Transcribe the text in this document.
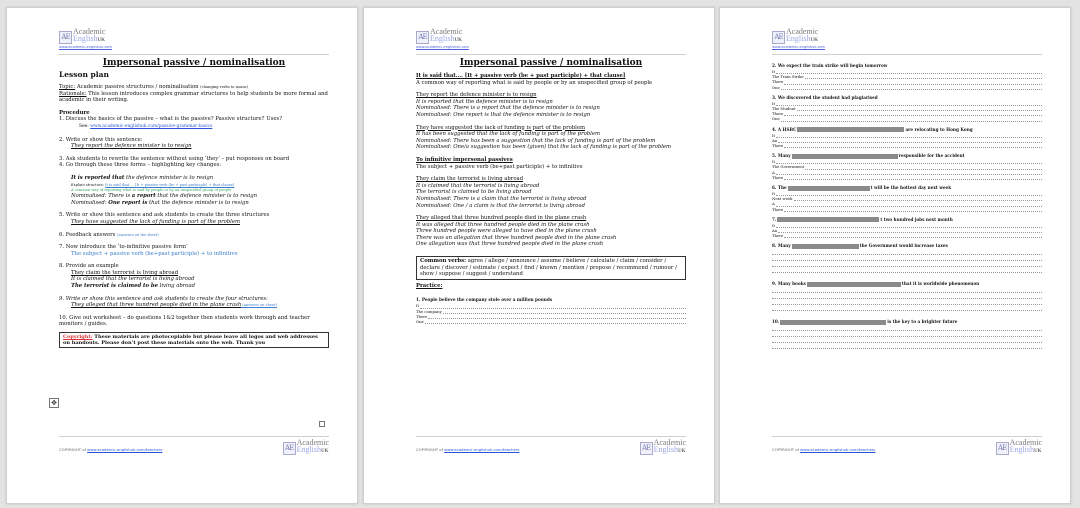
AE
Academic
EnglishUK
www.academic-englishuk.com
Impersonal passive / nominalisation
Lesson plan
Topic: Academic passive structures / nominalisation (changing verbs to nouns)
Rationale: This lesson introduces complex grammar structures to help students be more formal and academic in their writing.
Procedure
1. Discuss the basics of the passive – what is the passive? Passive structure? Uses?
See: www.academic-englishuk.com/passive-grammar-basics
2. Write or show this sentence:
They report the defence minister is to resign
3. Ask students to rewrite the sentence without using ‘they’ – put responses on board
4. Go through these three forms – highlighting key changes:
It is reported that the defence minister is to resign
Explain structure: It is said that…. [It + passive verb (be + past participle) + that clause]
A common way of reporting what is said by people or by an unspecified group of people
Nominalised: There is a report that the defence minister is to resign
Nominalised: One report is that the defence minister is to resign
5. Write or show this sentence and ask students to create the three structures
They have suggested the lack of funding is part of the problem
6. Feedback answers (answers on the sheet)
7. Now introduce the ‘to-infinitive passive form’
The subject + passive verb (be+past participle) + to infinitive
8. Provide an example
They claim the terrorist is living abroad
It is claimed that the terrorist is living abroad
The terrorist is claimed to be living abroad
9. Write or show this sentence and ask students to create the four structures:
They alleged that three hundred people died in the plane crash (answers on sheet)
10. Give out worksheet – do questions 1&2 together then students work through and teacher monitors / guides.
Copyright: These materials are photocopiable but please leave all logos and web addresses on handouts. Please don’t post these materials onto the web. Thank you
✥
COPYRIGHT of www.academic-englishuk.com/teachers	AE
Academic
EnglishUK
AE
Academic
EnglishUK
www.academic-englishuk.com
Impersonal passive / nominalisation
It is said that…. [It + passive verb (be + past participle) + that clause]
A common way of reporting what is said by people or by an unspecified group of people
They report the defence minister is to resign
It is reported that the defence minister is to resign
Nominalised: There is a report that the defence minister is to resign
Nominalised: One report is that the defence minister is to resign
They have suggested the lack of funding is part of the problem
It has been suggested that the lack of funding is part of the problem
Nominalised: There has been a suggestion that the lack of funding is part of the problem
Nominalised: One/a suggestion has been (given) that the lack of funding is part of the problem
To infinitive impersonal passives
The subject + passive verb (be+past participle) + to infinitive
They claim the terrorist is living abroad
It is claimed that the terrorist is living abroad
The terrorist is claimed to be living abroad
Nominalised: There is a claim that the terrorist is living abroad
Nominalised: One / a claim is that the terrorist is living abroad
They alleged that three hundred people died in the plane crash
It was alleged that three hundred people died in the plane crash
Three hundred people were alleged to have died in the plane crash
There was an allegation that three hundred people died in the plane crash
One allegation was that three hundred people died in the plane crash
Common verbs: agree / allege / announce / assume / believe / calculate / claim / consider / declare / discover / estimate / expect / find / known / mention / propose / recommend / rumour / show / suppose / suggest / understand
Practice:
1. People believe the company stole over a million pounds
It
The company
There
One
COPYRIGHT of www.academic-englishuk.com/teachers	AE
Academic
EnglishUK
AE
Academic
EnglishUK
www.academic-englishuk.com
2. We expect the train strike will begin tomorrow
It
The Train Strike
There
One
3. We discovered the student had plagiarised
It
The Student
There
One
4. A HSBC	are relocating to Hong Kong
It
An
There
5. Many	responsible for the accident
It
The Government
A
There
6. The	t will be the hottest day next week
It
Next week
A
There
7.	t two hundred jobs next month
It
An
There
8. Many	the Government would increase taxes
9. Many books	that it is worldwide phenomenon
10.	is the key to a brighter future
COPYRIGHT of www.academic-englishuk.com/teachers	AE
Academic
EnglishUK
